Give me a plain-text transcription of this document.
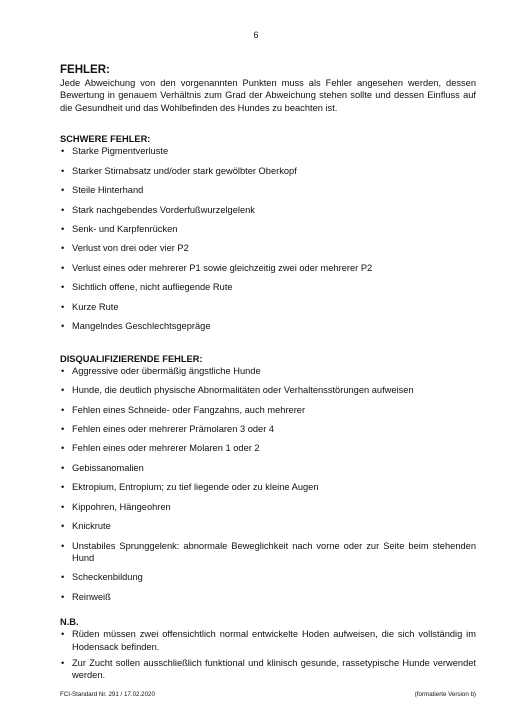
6

FEHLER:

Jede Abweichung von den vorgenannten Punkten muss als Fehler angesehen werden, dessen Bewertung in genauem Verhältnis zum Grad der Abweichung stehen sollte und dessen Einfluss auf die Gesundheit und das Wohlbefinden des Hundes zu beachten ist.

SCHWERE FEHLER:

• Starke Pigmentverluste
• Starker Stirnabsatz und/oder stark gewölbter Oberkopf
• Steile Hinterhand
• Stark nachgebendes Vorderfußwurzelgelenk
• Senk- und Karpfenrücken
• Verlust von drei oder vier P2
• Verlust eines oder mehrerer P1 sowie gleichzeitig zwei oder mehrerer P2
• Sichtlich offene, nicht aufliegende Rute
• Kurze Rute
• Mangelndes Geschlechtsgepräge

DISQUALIFIZIERENDE FEHLER:

• Aggressive oder übermäßig ängstliche Hunde
• Hunde, die deutlich physische Abnormalitäten oder Verhaltensstörungen aufweisen
• Fehlen eines Schneide- oder Fangzahns, auch mehrerer
• Fehlen eines oder mehrerer Prämolaren 3 oder 4
• Fehlen eines oder mehrerer Molaren 1 oder 2
• Gebissanomalien
• Ektropium, Entropium; zu tief liegende oder zu kleine Augen
• Kippohren, Hängeohren
• Knickrute
• Unstabiles Sprunggelenk: abnormale Beweglichkeit nach vorne oder zur Seite beim stehenden Hund
• Scheckenbildung
• Reinweiß

N.B.

• Rüden müssen zwei offensichtlich normal entwickelte Hoden aufweisen, die sich vollständig im Hodensack befinden.
• Zur Zucht sollen ausschließlich funktional und klinisch gesunde, rassetypische Hunde verwendet werden.
FCI-Standard Nr. 291 / 17.02.2020	(formatierte Version b)
